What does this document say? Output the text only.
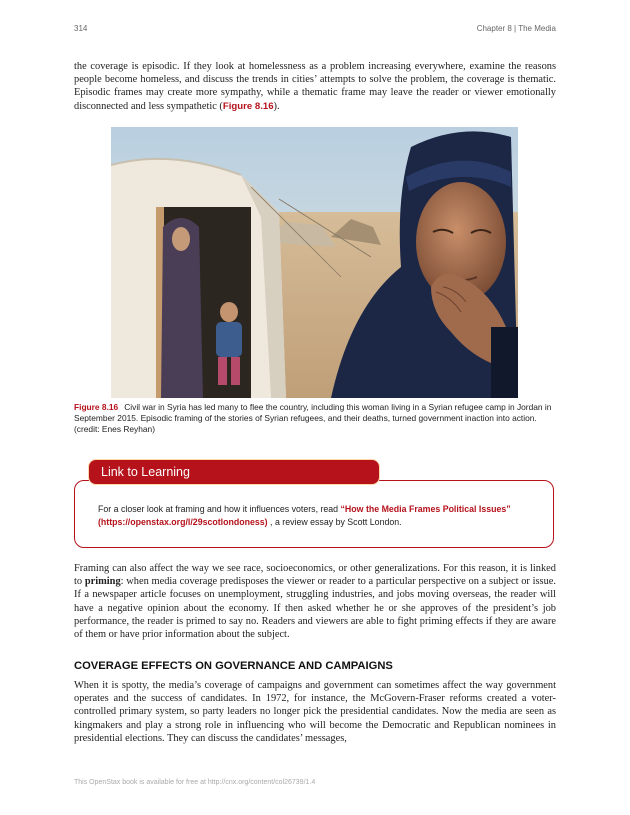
314	Chapter 8 | The Media

the coverage is episodic. If they look at homelessness as a problem increasing everywhere, examine the reasons people become homeless, and discuss the trends in cities’ attempts to solve the problem, the coverage is thematic. Episodic frames may create more sympathy, while a thematic frame may leave the reader or viewer emotionally disconnected and less sympathetic (Figure 8.16).

Figure 8.16 Civil war in Syria has led many to flee the country, including this woman living in a Syrian refugee camp in Jordan in September 2015. Episodic framing of the stories of Syrian refugees, and their deaths, turned government inaction into action. (credit: Enes Reyhan)

Link to Learning

For a closer look at framing and how it influences voters, read “How the Media Frames Political Issues” (https://openstax.org/l/29scotlondoness) , a review essay by Scott London.

Framing can also affect the way we see race, socioeconomics, or other generalizations. For this reason, it is linked to priming: when media coverage predisposes the viewer or reader to a particular perspective on a subject or issue. If a newspaper article focuses on unemployment, struggling industries, and jobs moving overseas, the reader will have a negative opinion about the economy. If then asked whether he or she approves of the president’s job performance, the reader is primed to say no. Readers and viewers are able to fight priming effects if they are aware of them or have prior information about the subject.

COVERAGE EFFECTS ON GOVERNANCE AND CAMPAIGNS

When it is spotty, the media’s coverage of campaigns and government can sometimes affect the way government operates and the success of candidates. In 1972, for instance, the McGovern-Fraser reforms created a voter-controlled primary system, so party leaders no longer pick the presidential candidates. Now the media are seen as kingmakers and play a strong role in influencing who will become the Democratic and Republican nominees in presidential elections. They can discuss the candidates’ messages,

This OpenStax book is available for free at http://cnx.org/content/col26739/1.4
